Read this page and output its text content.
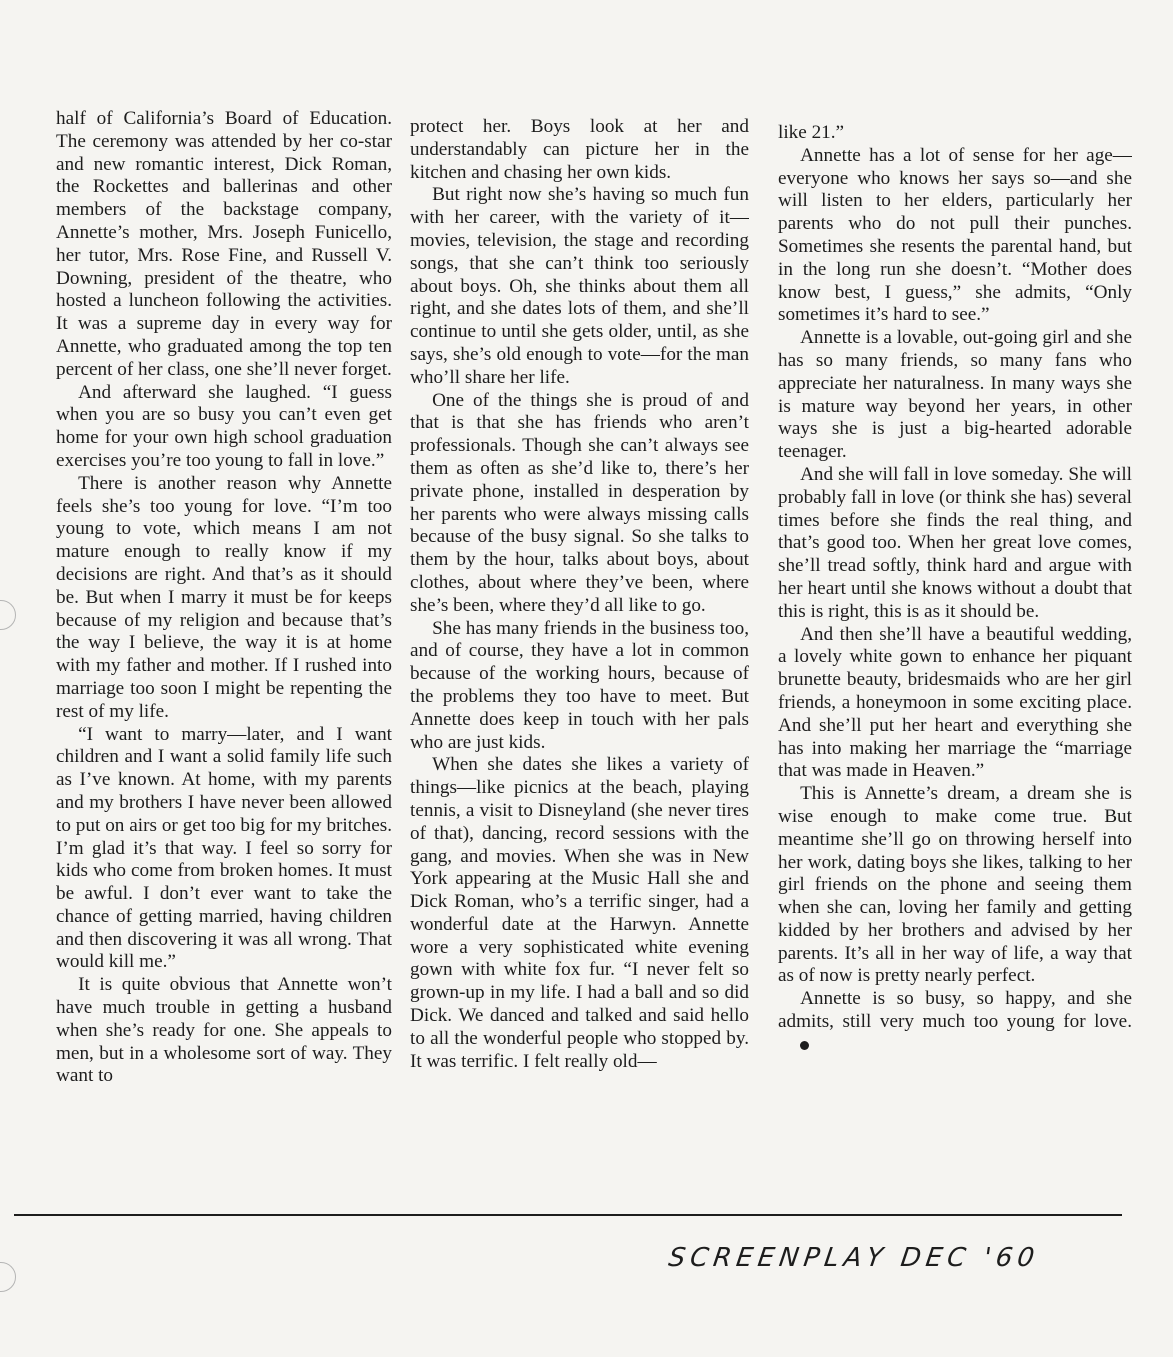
half of California’s Board of Education. The ceremony was attended by her co-star and new romantic interest, Dick Roman, the Rockettes and ballerinas and other members of the backstage company, Annette’s mother, Mrs. Joseph Funicello, her tutor, Mrs. Rose Fine, and Russell V. Downing, president of the theatre, who hosted a luncheon following the activities. It was a supreme day in every way for Annette, who graduated among the top ten percent of her class, one she’ll never forget.

And afterward she laughed. “I guess when you are so busy you can’t even get home for your own high school graduation exercises you’re too young to fall in love.”

There is another reason why Annette feels she’s too young for love. “I’m too young to vote, which means I am not mature enough to really know if my decisions are right. And that’s as it should be. But when I marry it must be for keeps because of my religion and because that’s the way I believe, the way it is at home with my father and mother. If I rushed into marriage too soon I might be repenting the rest of my life.

“I want to marry—later, and I want children and I want a solid family life such as I’ve known. At home, with my parents and my brothers I have never been allowed to put on airs or get too big for my britches. I’m glad it’s that way. I feel so sorry for kids who come from broken homes. It must be awful. I don’t ever want to take the chance of getting married, having children and then discovering it was all wrong. That would kill me.”

It is quite obvious that Annette won’t have much trouble in getting a husband when she’s ready for one. She appeals to men, but in a wholesome sort of way. They want to

protect her. Boys look at her and understandably can picture her in the kitchen and chasing her own kids.

But right now she’s having so much fun with her career, with the variety of it—movies, television, the stage and recording songs, that she can’t think too seriously about boys. Oh, she thinks about them all right, and she dates lots of them, and she’ll continue to until she gets older, until, as she says, she’s old enough to vote—for the man who’ll share her life.

One of the things she is proud of and that is that she has friends who aren’t professionals. Though she can’t always see them as often as she’d like to, there’s her private phone, installed in desperation by her parents who were always missing calls because of the busy signal. So she talks to them by the hour, talks about boys, about clothes, about where they’ve been, where she’s been, where they’d all like to go.

She has many friends in the business too, and of course, they have a lot in common because of the working hours, because of the problems they too have to meet. But Annette does keep in touch with her pals who are just kids.

When she dates she likes a variety of things—like picnics at the beach, playing tennis, a visit to Disneyland (she never tires of that), dancing, record sessions with the gang, and movies. When she was in New York appearing at the Music Hall she and Dick Roman, who’s a terrific singer, had a wonderful date at the Harwyn. Annette wore a very sophisticated white evening gown with white fox fur. “I never felt so grown-up in my life. I had a ball and so did Dick. We danced and talked and said hello to all the wonderful people who stopped by. It was terrific. I felt really old—

like 21.”

Annette has a lot of sense for her age—everyone who knows her says so—and she will listen to her elders, particularly her parents who do not pull their punches. Sometimes she resents the parental hand, but in the long run she doesn’t. “Mother does know best, I guess,” she admits, “Only sometimes it’s hard to see.”

Annette is a lovable, out-going girl and she has so many friends, so many fans who appreciate her naturalness. In many ways she is mature way beyond her years, in other ways she is just a big-hearted adorable teenager.

And she will fall in love someday. She will probably fall in love (or think she has) several times before she finds the real thing, and that’s good too. When her great love comes, she’ll tread softly, think hard and argue with her heart until she knows without a doubt that this is right, this is as it should be.

And then she’ll have a beautiful wedding, a lovely white gown to enhance her piquant brunette beauty, bridesmaids who are her girl friends, a honeymoon in some exciting place. And she’ll put her heart and everything she has into making her marriage the “marriage that was made in Heaven.”

This is Annette’s dream, a dream she is wise enough to make come true. But meantime she’ll go on throwing herself into her work, dating boys she likes, talking to her girl friends on the phone and seeing them when she can, loving her family and getting kidded by her brothers and advised by her parents. It’s all in her way of life, a way that as of now is pretty nearly perfect.

Annette is so busy, so happy, and she admits, still very much too young for love.

SCREENPLAY DEC '60
